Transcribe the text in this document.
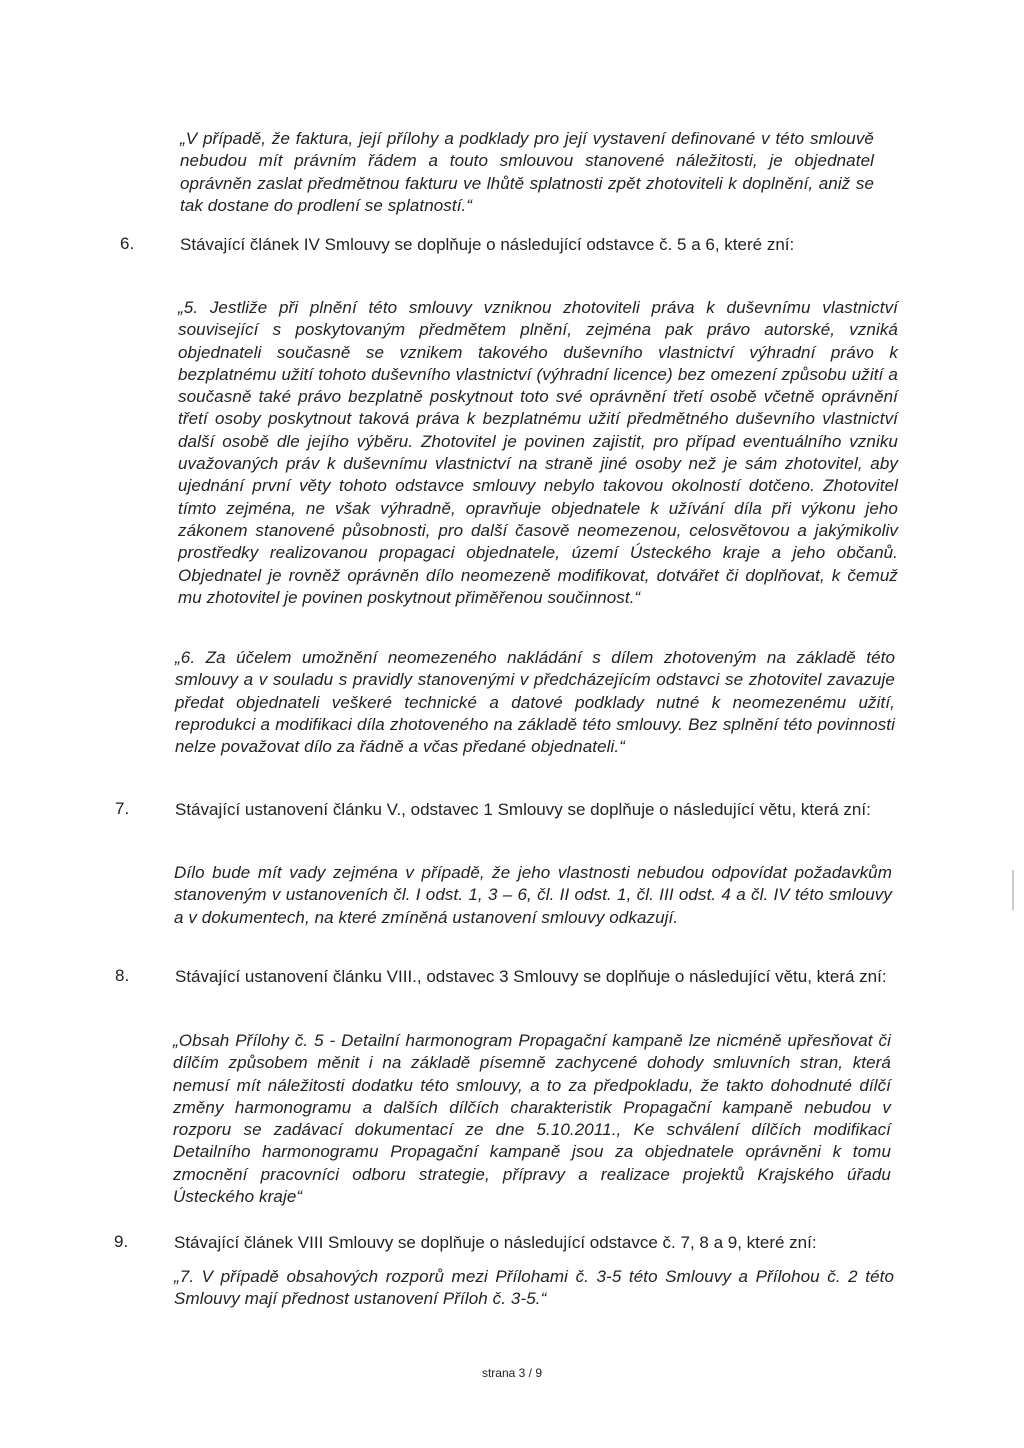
„V případě, že faktura, její přílohy a podklady pro její vystavení definované v této smlouvě nebudou mít právním řádem a touto smlouvou stanovené náležitosti, je objednatel oprávněn zaslat předmětnou fakturu ve lhůtě splatnosti zpět zhotoviteli k doplnění, aniž se tak dostane do prodlení se splatností.“
6.	Stávající článek IV Smlouvy se doplňuje o následující odstavce č. 5 a 6, které zní:
„5. Jestliže při plnění této smlouvy vzniknou zhotoviteli práva k duševnímu vlastnictví související s poskytovaným předmětem plnění, zejména pak právo autorské, vzniká objednateli současně se vznikem takového duševního vlastnictví výhradní právo k bezplatnému užití tohoto duševního vlastnictví (výhradní licence) bez omezení způsobu užití a současně také právo bezplatně poskytnout toto své oprávnění třetí osobě včetně oprávnění třetí osoby poskytnout taková práva k bezplatnému užití předmětného duševního vlastnictví další osobě dle jejího výběru. Zhotovitel je povinen zajistit, pro případ eventuálního vzniku uvažovaných práv k duševnímu vlastnictví na straně jiné osoby než je sám zhotovitel, aby ujednání první věty tohoto odstavce smlouvy nebylo takovou okolností dotčeno. Zhotovitel tímto zejména, ne však výhradně, opravňuje objednatele k užívání díla při výkonu jeho zákonem stanovené působnosti, pro další časově neomezenou, celosvětovou a jakýmikoliv prostředky realizovanou propagaci objednatele, území Ústeckého kraje a jeho občanů. Objednatel je rovněž oprávněn dílo neomezeně modifikovat, dotvářet či doplňovat, k čemuž mu zhotovitel je povinen poskytnout přiměřenou součinnost.“
„6. Za účelem umožnění neomezeného nakládání s dílem zhotoveným na základě této smlouvy a v souladu s pravidly stanovenými v předcházejícím odstavci se zhotovitel zavazuje předat objednateli veškeré technické a datové podklady nutné k neomezenému užití, reprodukci a modifikaci díla zhotoveného na základě této smlouvy. Bez splnění této povinnosti nelze považovat dílo za řádně a včas předané objednateli.“
7.	Stávající ustanovení článku V., odstavec 1 Smlouvy se doplňuje o následující větu, která zní:
Dílo bude mít vady zejména v případě, že jeho vlastnosti nebudou odpovídat požadavkům stanoveným v ustanoveních čl. I odst. 1, 3 – 6, čl. II odst. 1, čl. III odst. 4 a čl. IV této smlouvy a v dokumentech, na které zmíněná ustanovení smlouvy odkazují.
8.	Stávající ustanovení článku VIII., odstavec 3 Smlouvy se doplňuje o následující větu, která zní:
„Obsah Přílohy č. 5 - Detailní harmonogram Propagační kampaně lze nicméně upřesňovat či dílčím způsobem měnit i na základě písemně zachycené dohody smluvních stran, která nemusí mít náležitosti dodatku této smlouvy, a to za předpokladu, že takto dohodnuté dílčí změny harmonogramu a dalších dílčích charakteristik Propagační kampaně nebudou v rozporu se zadávací dokumentací ze dne 5.10.2011., Ke schválení dílčích modifikací Detailního harmonogramu Propagační kampaně jsou za objednatele oprávněni k tomu zmocnění pracovníci odboru strategie, přípravy a realizace projektů Krajského úřadu Ústeckého kraje“
9.	Stávající článek VIII Smlouvy se doplňuje o následující odstavce č. 7, 8 a 9, které zní:
„7. V případě obsahových rozporů mezi Přílohami č. 3-5 této Smlouvy a Přílohou č. 2 této Smlouvy mají přednost ustanovení Příloh č. 3-5.“
strana 3 / 9
